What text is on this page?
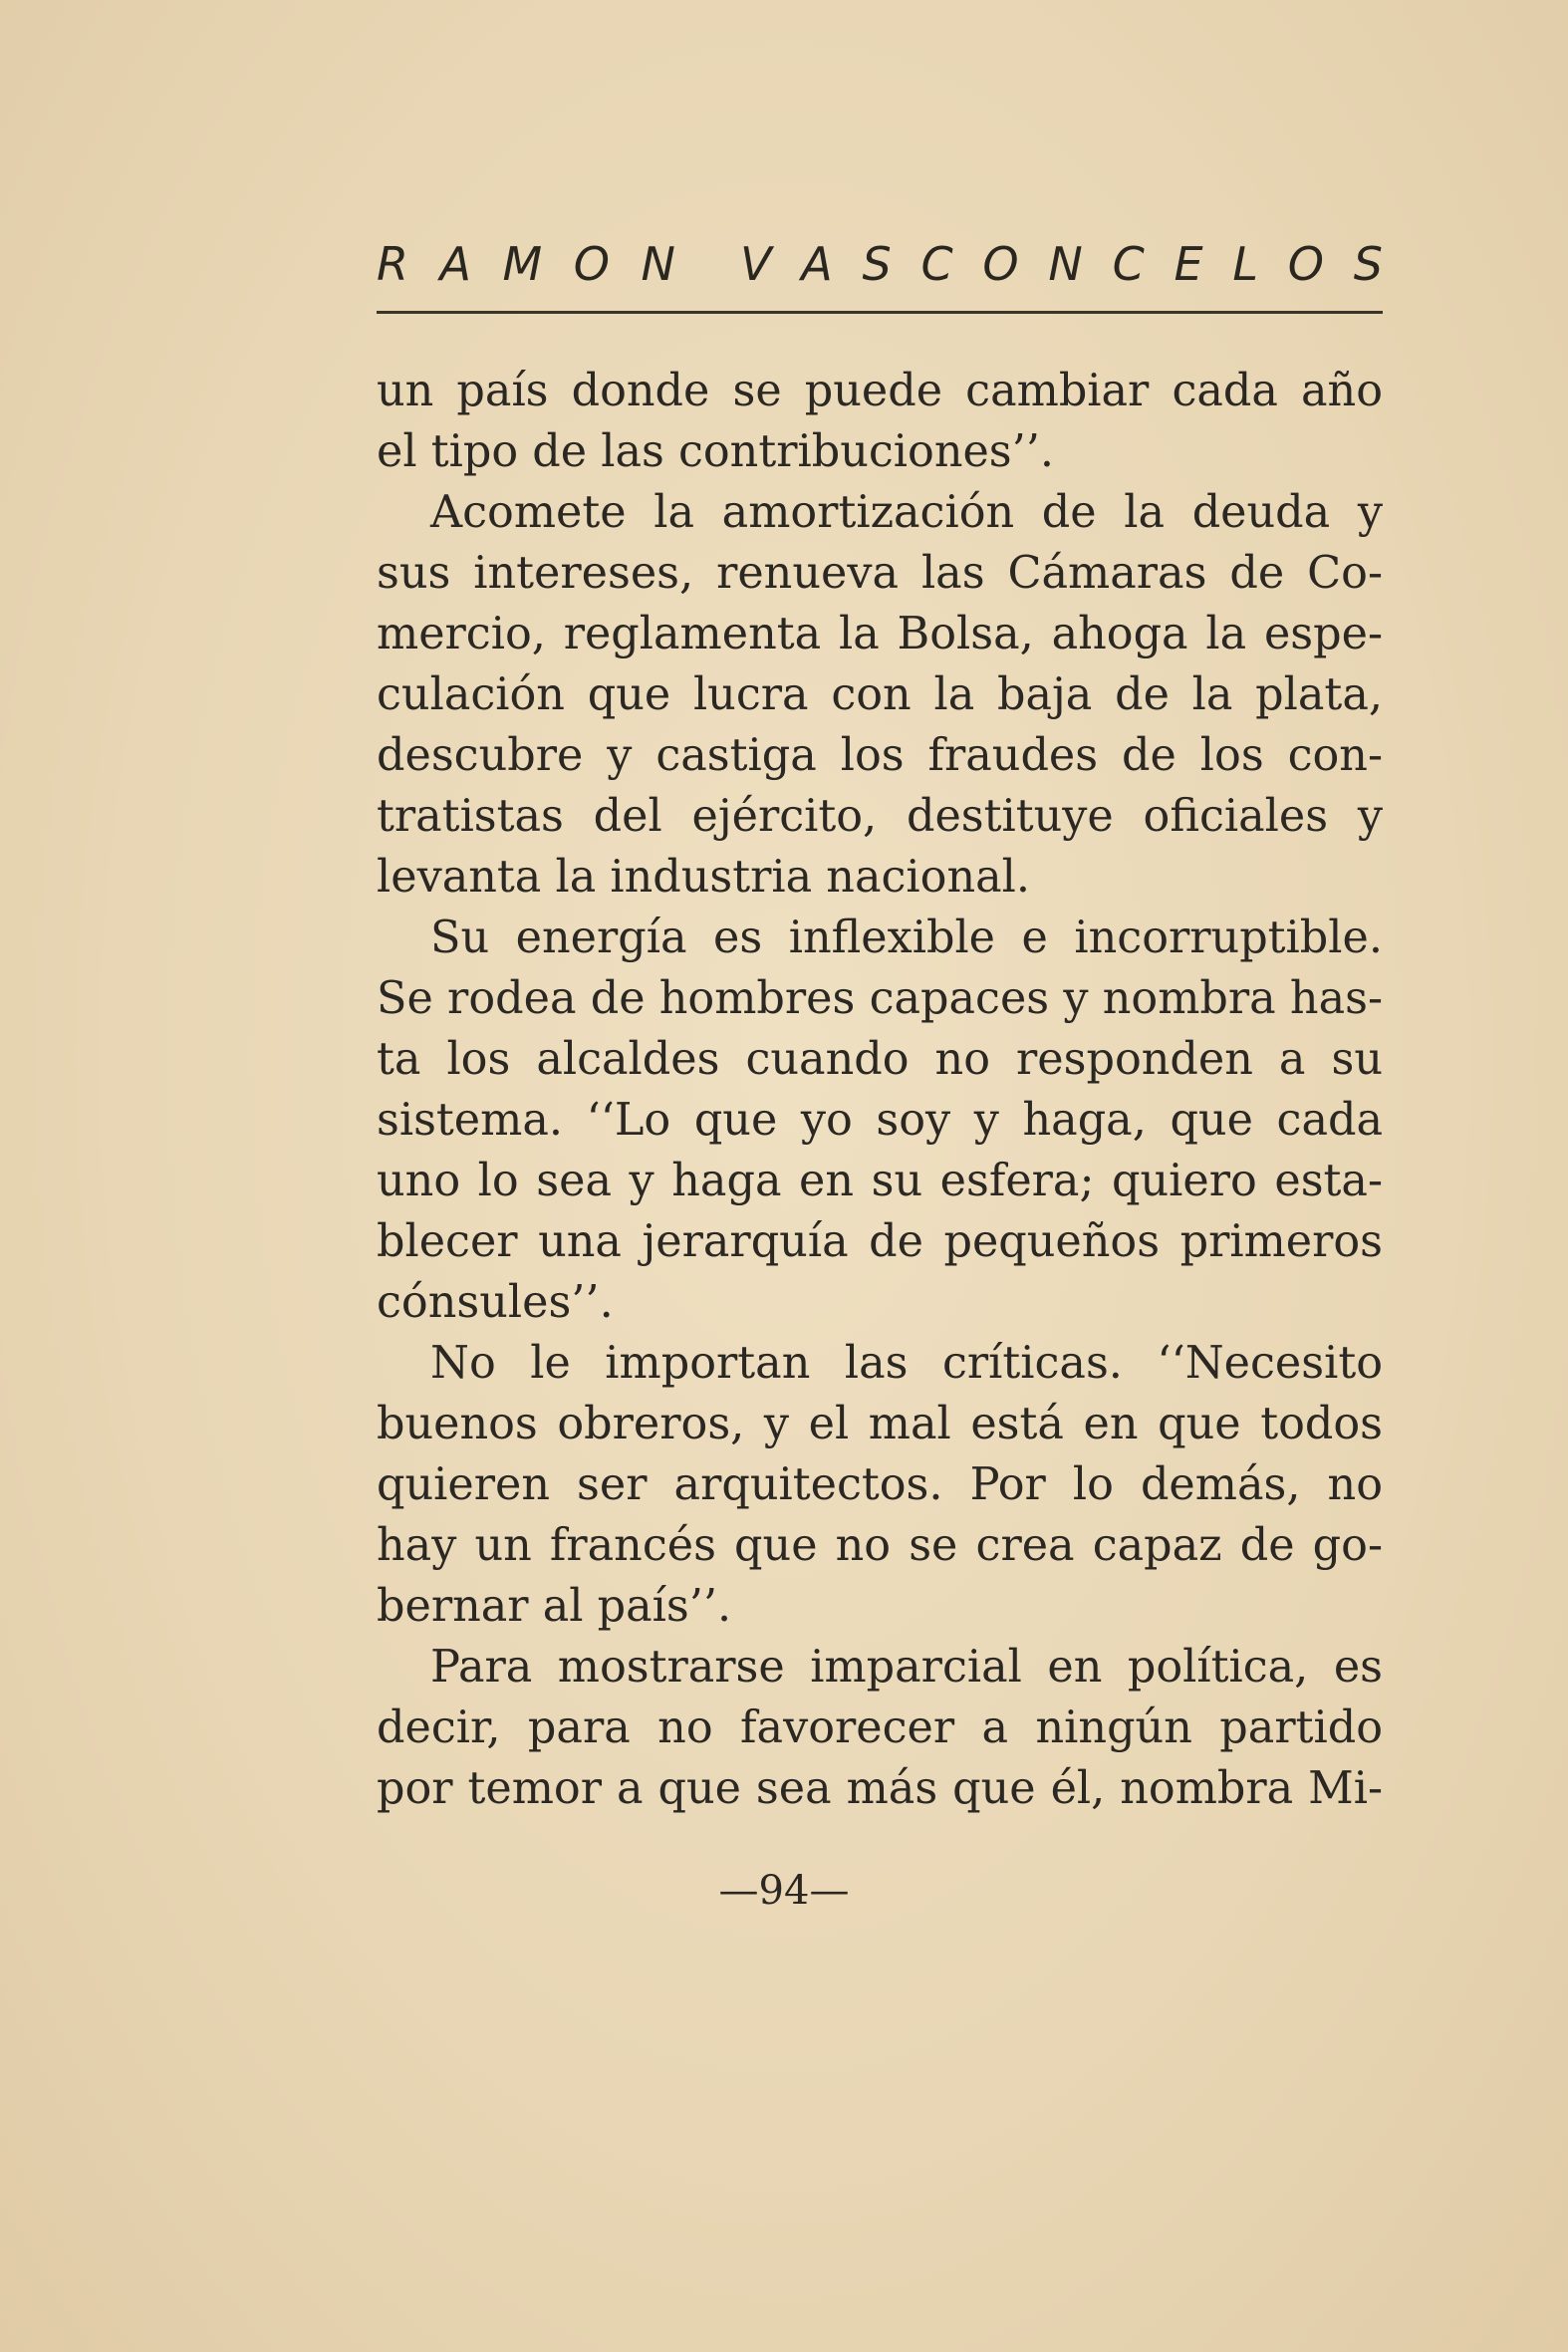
R A M O N V A S C O N C E L O S
un país donde se puede cambiar cada año
el tipo de las contribuciones’’.
Acomete la amortización de la deuda y
sus intereses, renueva las Cámaras de Co-
mercio, reglamenta la Bolsa, ahoga la espe-
culación que lucra con la baja de la plata,
descubre y castiga los fraudes de los con-
tratistas del ejército, destituye oficiales y
levanta la industria nacional.
Su energía es inflexible e incorruptible.
Se rodea de hombres capaces y nombra has-
ta los alcaldes cuando no responden a su
sistema. ‘‘Lo que yo soy y haga, que cada
uno lo sea y haga en su esfera; quiero esta-
blecer una jerarquía de pequeños primeros
cónsules’’.
No le importan las críticas. ‘‘Necesito
buenos obreros, y el mal está en que todos
quieren ser arquitectos. Por lo demás, no
hay un francés que no se crea capaz de go-
bernar al país’’.
Para mostrarse imparcial en política, es
decir, para no favorecer a ningún partido
por temor a que sea más que él, nombra Mi-
—94—
